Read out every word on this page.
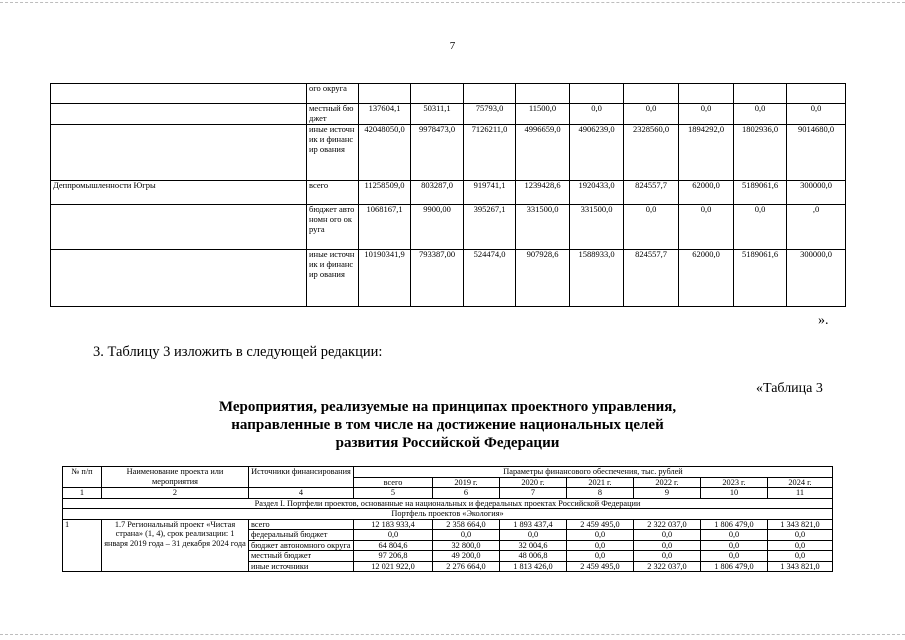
7
	ого округа									
	местный бюджет	137604,1	50311,1	75793,0	11500,0	0,0	0,0	0,0	0,0	0,0
	иные источник и финансир ования	42048050,0	9978473,0	7126211,0	4996659,0	4906239,0	2328560,0	1894292,0	1802936,0	9014680,0
Деппромышленности Югры	всего	11258509,0	803287,0	919741,1	1239428,6	1920433,0	824557,7	62000,0	5189061,6	300000,0
	бюджет автономн ого округа	1068167,1	9900,00	395267,1	331500,0	331500,0	0,0	0,0	0,0	,0
	иные источник и финансир ования	10190341,9	793387,00	524474,0	907928,6	1588933,0	824557,7	62000,0	5189061,6	300000,0
».
3. Таблицу 3 изложить в следующей редакции:
«Таблица 3
Мероприятия, реализуемые на принципах проектного управления,
направленные в том числе на достижение национальных целей
развития Российской Федерации
№ п/п	Наименование проекта или мероприятия	Источники финансирования	Параметры финансового обеспечения, тыс. рублей						
			всего	2019 г.	2020 г.	2021 г.	2022 г.	2023 г.	2024 г.
1	2	4	5	6	7	8	9	10	11
Раздел I. Портфели проектов, основанные на национальных и федеральных проектах Российской Федерации									
Портфель проектов «Экология»									
1	1.7 Региональный проект «Чистая страна» (1, 4), срок реализации: 1 января 2019 года – 31 декабря 2024 года	всего	12 183 933,4	2 358 664,0	1 893 437,4	2 459 495,0	2 322 037,0	1 806 479,0	1 343 821,0
		федеральный бюджет	0,0	0,0	0,0	0,0	0,0	0,0	0,0
		бюджет автономного округа	64 804,6	32 800,0	32 004,6	0,0	0,0	0,0	0,0
		местный бюджет	97 206,8	49 200,0	48 006,8	0,0	0,0	0,0	0,0
		иные источники	12 021 922,0	2 276 664,0	1 813 426,0	2 459 495,0	2 322 037,0	1 806 479,0	1 343 821,0
